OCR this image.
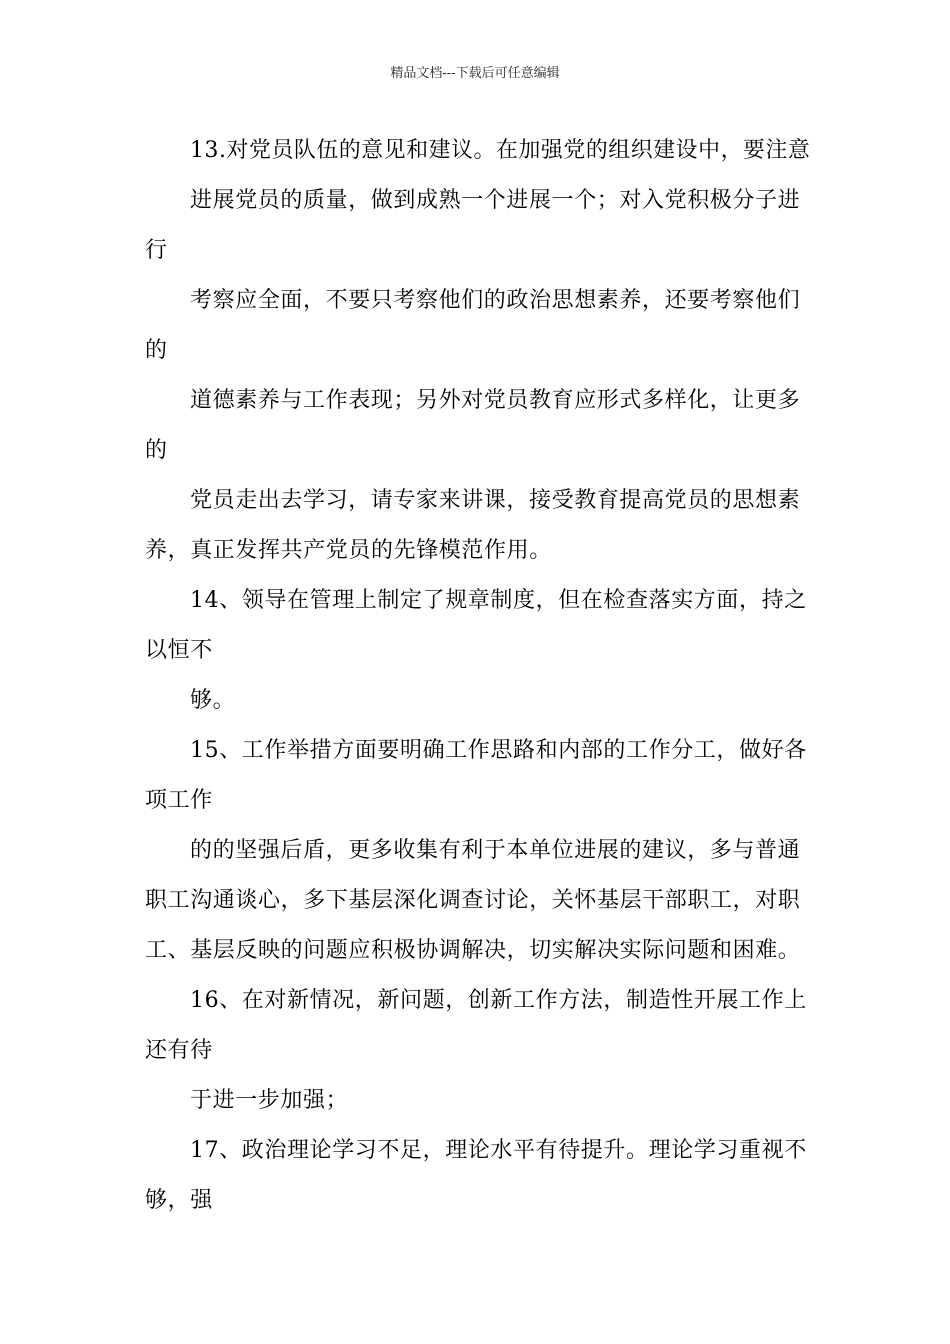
精品文档---下载后可任意编辑
13.对党员队伍的意见和建议。在加强党的组织建设中，要注意
进展党员的质量，做到成熟一个进展一个；对入党积极分子进
行
考察应全面，不要只考察他们的政治思想素养，还要考察他们
的
道德素养与工作表现；另外对党员教育应形式多样化，让更多
的
党员走出去学习，请专家来讲课，接受教育提高党员的思想素
养，真正发挥共产党员的先锋模范作用。
14、领导在管理上制定了规章制度，但在检查落实方面，持之
以恒不
够。
15、工作举措方面要明确工作思路和内部的工作分工，做好各
项工作
的的坚强后盾，更多收集有利于本单位进展的建议，多与普通
职工沟通谈心，多下基层深化调查讨论，关怀基层干部职工，对职
工、基层反映的问题应积极协调解决，切实解决实际问题和困难。
16、在对新情况，新问题，创新工作方法，制造性开展工作上
还有待
于进一步加强；
17、政治理论学习不足，理论水平有待提升。理论学习重视不
够，强
